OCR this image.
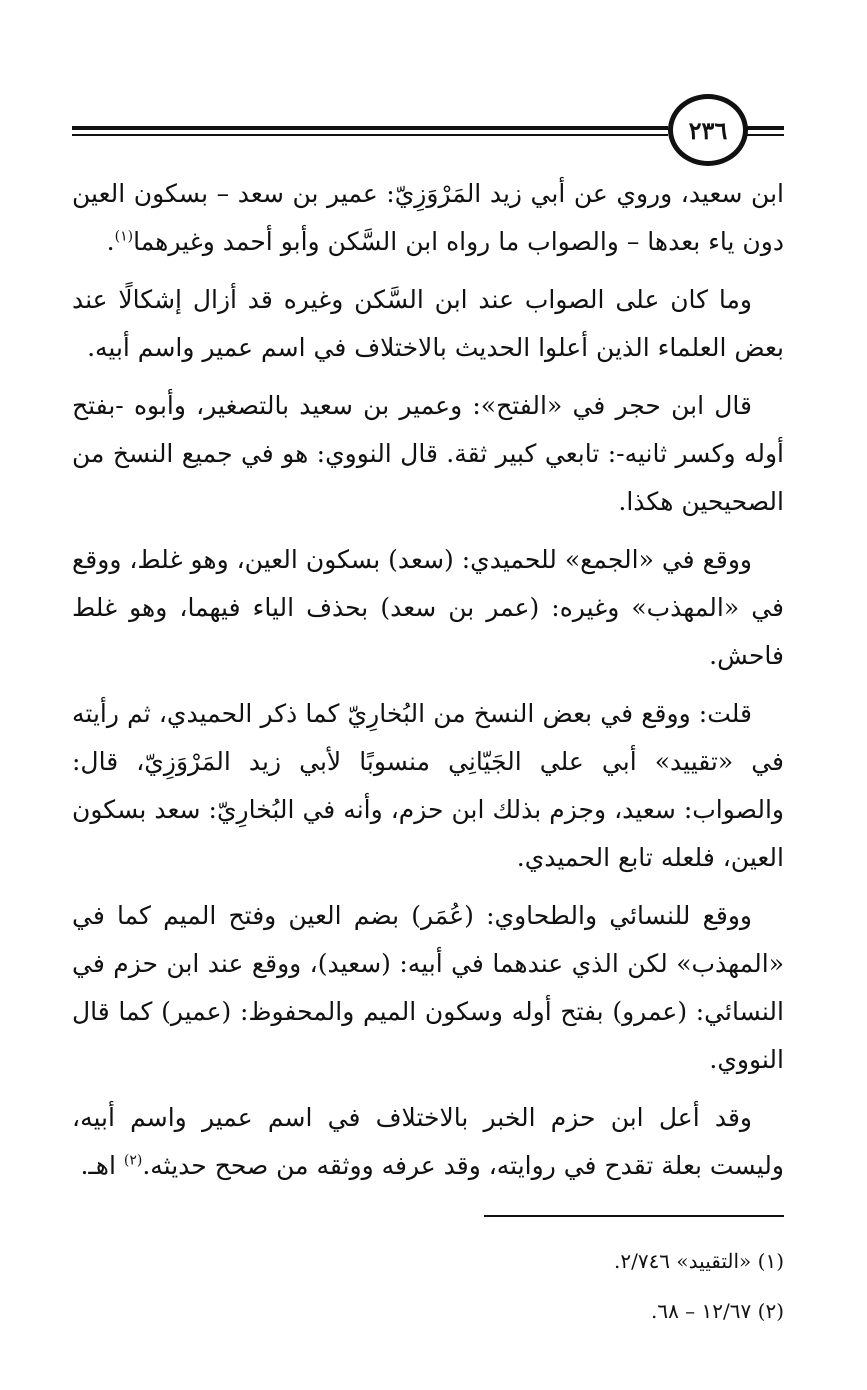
٢٣٦

ابن سعيد، وروي عن أبي زيد المَرْوَزِيّ: عمير بن سعد – بسكون العين دون ياء بعدها – والصواب ما رواه ابن السَّكن وأبو أحمد وغيرهما$^{(١)}$.

وما كان على الصواب عند ابن السَّكن وغيره قد أزال إشكالًا عند بعض العلماء الذين أعلوا الحديث بالاختلاف في اسم عمير واسم أبيه.

قال ابن حجر في «الفتح»: وعمير بن سعيد بالتصغير، وأبوه -بفتح أوله وكسر ثانيه-: تابعي كبير ثقة. قال النووي: هو في جميع النسخ من الصحيحين هكذا.

ووقع في «الجمع» للحميدي: (سعد) بسكون العين، وهو غلط، ووقع في «المهذب» وغيره: (عمر بن سعد) بحذف الياء فيهما، وهو غلط فاحش.

قلت: ووقع في بعض النسخ من البُخارِيّ كما ذكر الحميدي، ثم رأيته في «تقييد» أبي علي الجَيّانِي منسوبًا لأبي زيد المَرْوَزِيّ، قال: والصواب: سعيد، وجزم بذلك ابن حزم، وأنه في البُخارِيّ: سعد بسكون العين، فلعله تابع الحميدي.

ووقع للنسائي والطحاوي: (عُمَر) بضم العين وفتح الميم كما في «المهذب» لكن الذي عندهما في أبيه: (سعيد)، ووقع عند ابن حزم في النسائي: (عمرو) بفتح أوله وسكون الميم والمحفوظ: (عمير) كما قال النووي.

وقد أعل ابن حزم الخبر بالاختلاف في اسم عمير واسم أبيه، وليست بعلة تقدح في روايته، وقد عرفه ووثقه من صحح حديثه.$^{(٢)}$ اهـ.

(١) «التقييد» ٢/٧٤٦.
(٢) ١٢/٦٧ – ٦٨.
